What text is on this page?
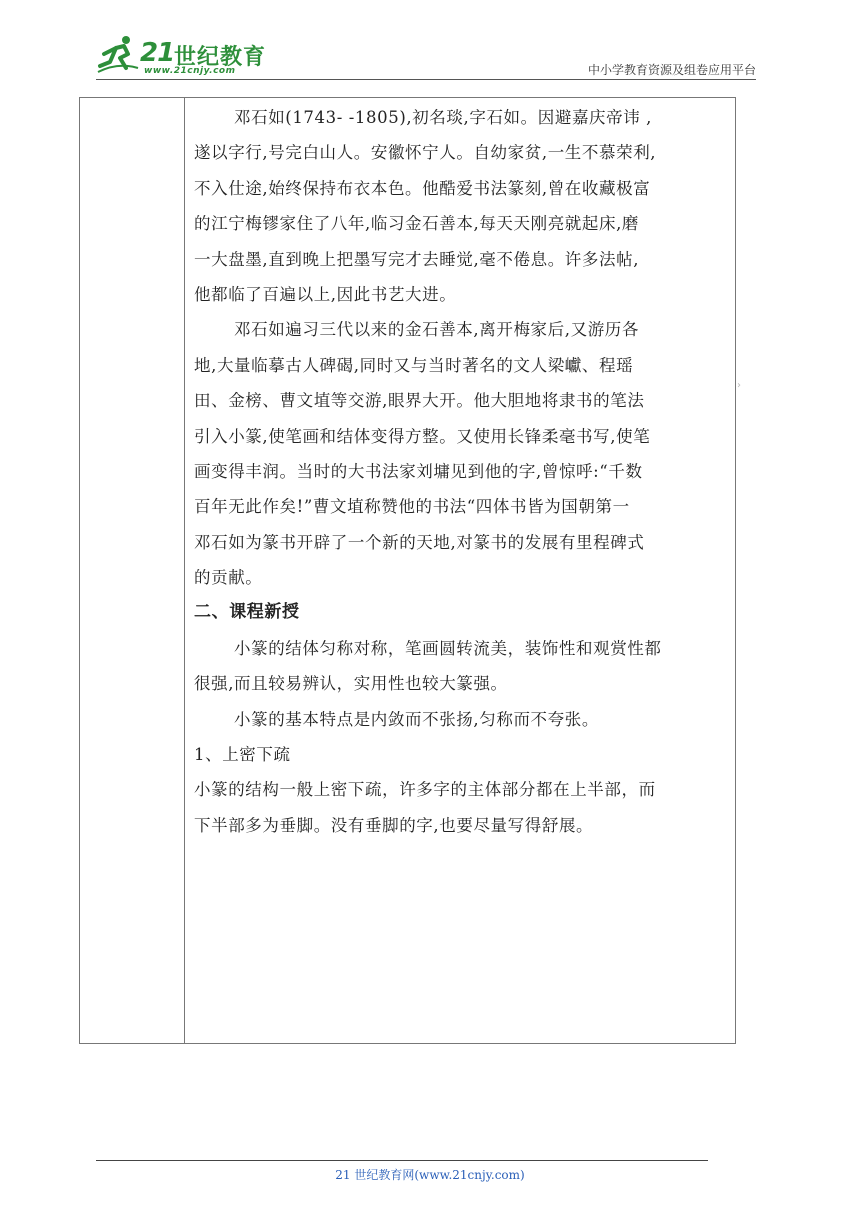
21 世纪教育
www.21cnjy.com	中小学教育资源及组卷应用平台
邓石如(1743- -1805),初名琰,字石如。因避嘉庆帝讳 ,
遂以字行,号完白山人。安徽怀宁人。自幼家贫,一生不慕荣利,
不入仕途,始终保持布衣本色。他酷爱书法篆刻,曾在收藏极富
的江宁梅镠家住了八年,临习金石善本,每天天刚亮就起床,磨
一大盘墨,直到晚上把墨写完才去睡觉,毫不倦息。许多法帖,
他都临了百遍以上,因此书艺大进。
邓石如遍习三代以来的金石善本,离开梅家后,又游历各
地,大量临摹古人碑碣,同时又与当时著名的文人梁巘、程瑶
田、金榜、曹文埴等交游,眼界大开。他大胆地将隶书的笔法
引入小篆,使笔画和结体变得方整。又使用长锋柔毫书写,使笔
画变得丰润。当时的大书法家刘墉见到他的字,曾惊呼:“千数
百年无此作矣!”曹文埴称赞他的书法“四体书皆为国朝第一
邓石如为篆书开辟了一个新的天地,对篆书的发展有里程碑式
的贡献。
二、课程新授
小篆的结体匀称对称，笔画圆转流美，装饰性和观赏性都
很强,而且较易辨认，实用性也较大篆强。
小篆的基本特点是内敛而不张扬,匀称而不夸张。
1、上密下疏
小篆的结构一般上密下疏，许多字的主体部分都在上半部，而
下半部多为垂脚。没有垂脚的字,也要尽量写得舒展。
›
21 世纪教育网(www.21cnjy.com)
